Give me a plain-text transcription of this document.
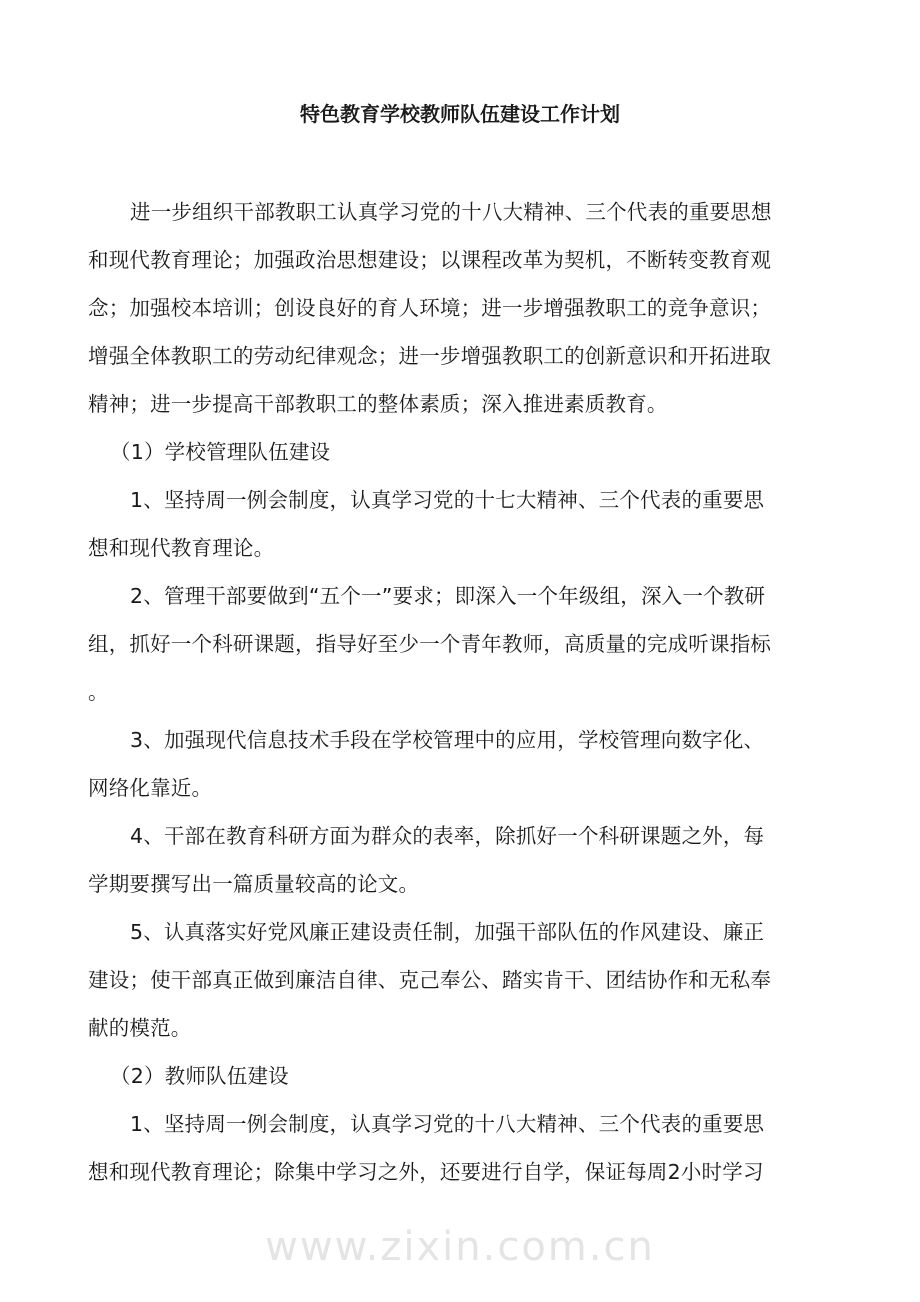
特色教育学校教师队伍建设工作计划
进一步组织干部教职工认真学习党的十八大精神、三个代表的重要思想
和现代教育理论；加强政治思想建设；以课程改革为契机，不断转变教育观
念；加强校本培训；创设良好的育人环境；进一步增强教职工的竞争意识；
增强全体教职工的劳动纪律观念；进一步增强教职工的创新意识和开拓进取
精神；进一步提高干部教职工的整体素质；深入推进素质教育。
（1）学校管理队伍建设
1、坚持周一例会制度，认真学习党的十七大精神、三个代表的重要思
想和现代教育理论。
2、管理干部要做到“五个一”要求；即深入一个年级组，深入一个教研
组，抓好一个科研课题，指导好至少一个青年教师，高质量的完成听课指标
。
3、加强现代信息技术手段在学校管理中的应用，学校管理向数字化、
网络化靠近。
4、干部在教育科研方面为群众的表率，除抓好一个科研课题之外，每
学期要撰写出一篇质量较高的论文。
5、认真落实好党风廉正建设责任制，加强干部队伍的作风建设、廉正
建设；使干部真正做到廉洁自律、克己奉公、踏实肯干、团结协作和无私奉
献的模范。
（2）教师队伍建设
1、坚持周一例会制度，认真学习党的十八大精神、三个代表的重要思
想和现代教育理论；除集中学习之外，还要进行自学，保证每周2小时学习
www.zixin.com.cn
